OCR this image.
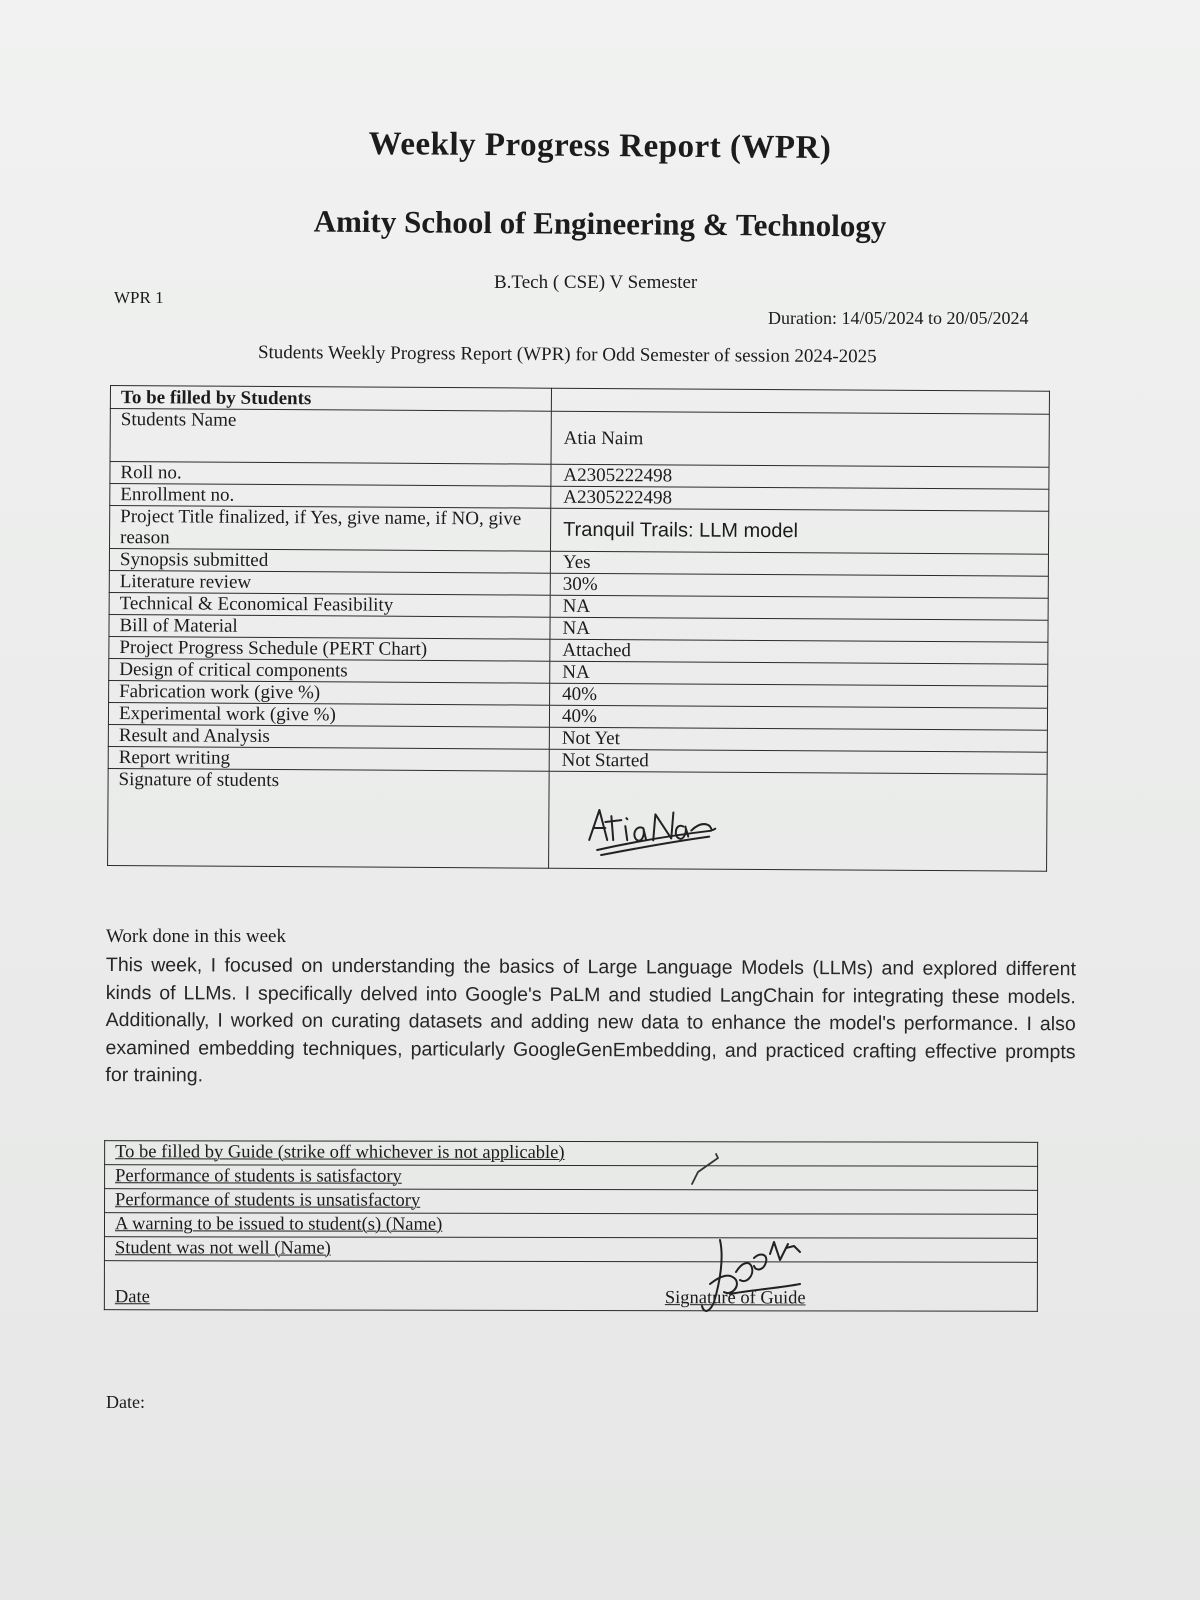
Weekly Progress Report (WPR)
Amity School of Engineering & Technology
B.Tech ( CSE) V Semester
WPR 1
Duration: 14/05/2024 to 20/05/2024
Students Weekly Progress Report (WPR) for Odd Semester of session 2024-2025
To be filled by Students	
Students Name	Atia Naim
Roll no.	A2305222498
Enrollment no.	A2305222498
Project Title finalized, if Yes, give name, if NO, give reason	Tranquil Trails: LLM model
Synopsis submitted	Yes
Literature review	30%
Technical & Economical Feasibility	NA
Bill of Material	NA
Project Progress Schedule (PERT Chart)	Attached
Design of critical components	NA
Fabrication work (give %)	40%
Experimental work (give %)	40%
Result and Analysis	Not Yet
Report writing	Not Started
Signature of students	
Work done in this week
This week, I focused on understanding the basics of Large Language Models (LLMs) and explored different kinds of LLMs. I specifically delved into Google's PaLM and studied LangChain for integrating these models. Additionally, I worked on curating datasets and adding new data to enhance the model's performance. I also examined embedding techniques, particularly GoogleGenEmbedding, and practiced crafting effective prompts for training.
To be filled by Guide (strike off whichever is not applicable)
Performance of students is satisfactory
Performance of students is unsatisfactory
A warning to be issued to student(s) (Name)
Student was not well (Name)
Date	Signature of Guide
Date:
